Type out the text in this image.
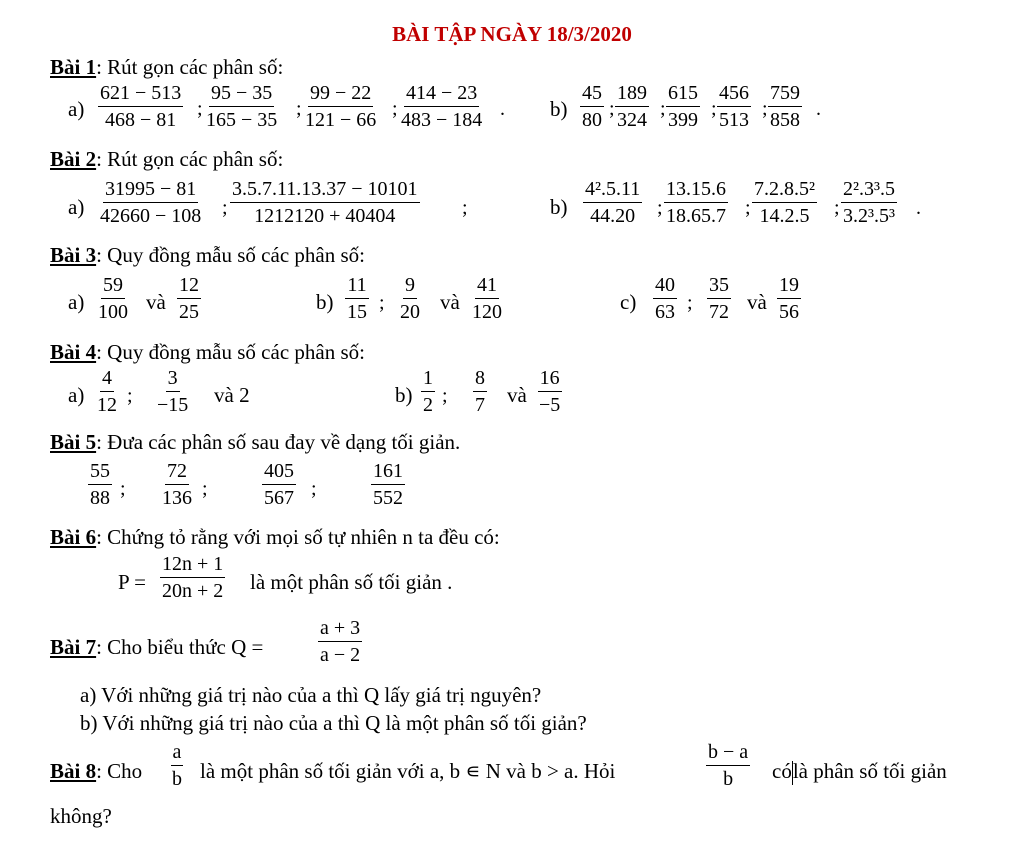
BÀI TẬP NGÀY 18/3/2020
Bài 1: Rút gọn các phân số:
$a) \frac{621 - 513}{468 - 81}$ ; $\frac{95 - 35}{165 - 35}$ ; $\frac{99 - 22}{121 - 66}$ ; $\frac{414 - 23}{483 - 184}$ . $b) \frac{45}{80}$ ; $\frac{189}{324}$ ; $\frac{615}{399}$ ; $\frac{456}{513}$ ; $\frac{759}{858}$ .
Bài 2: Rút gọn các phân số:
$a) \frac{31995 - 81}{42660 - 108}$ ; $\frac{3.5.7.11.13.37 - 10101}{1212120 + 40404}$ ;	$b) \frac{\text{4².5.11}}{44.20}$ ; $\frac{13.15.6}{18.65.7}$ ; $\frac{\text{7.2.8.5²}}{14.2.5}$ ; $\frac{\text{2².3³.5}}{\text{3.2³.5³}}$ .
Bài 3: Quy đồng mẫu số các phân số:
$a) \frac{59}{100}$ và $\frac{12}{25}$	$b) \frac{11}{15}$ ; $\frac{9}{20}$ và $\frac{41}{120}$	$c) \frac{40}{63}$ ; $\frac{35}{72}$ và $\frac{19}{56}$
Bài 4: Quy đồng mẫu số các phân số:
$a) \frac{4}{12}$ ; $\frac{3}{-15}$ và 2	$b) \frac{1}{2}$ ; $\frac{8}{7}$ và $\frac{16}{-5}$
Bài 5: Đưa các phân số sau đay về dạng tối giản.
$\frac{55}{88}$ ; $\frac{72}{136}$ ;	$\frac{405}{567}$ ;	$\frac{161}{552}$
Bài 6: Chứng tỏ rằng với mọi số tự nhiên n ta đều có:
$P = \frac{12n + 1}{20n + 2}$ là một phân số tối giản .
Bài 7: Cho biểu thức Q =	$\frac{a + 3}{a - 2}$
a) Với những giá trị nào của a thì Q lấy giá trị nguyên?
b) Với những giá trị nào của a thì Q là một phân số tối giản?
Bài 8: Cho $\frac{a}{b}$ là một phân số tối giản với a, b ∊ N và b > a. Hỏi	$\frac{b - a}{b}$ cólà phân số tối giản
không?
